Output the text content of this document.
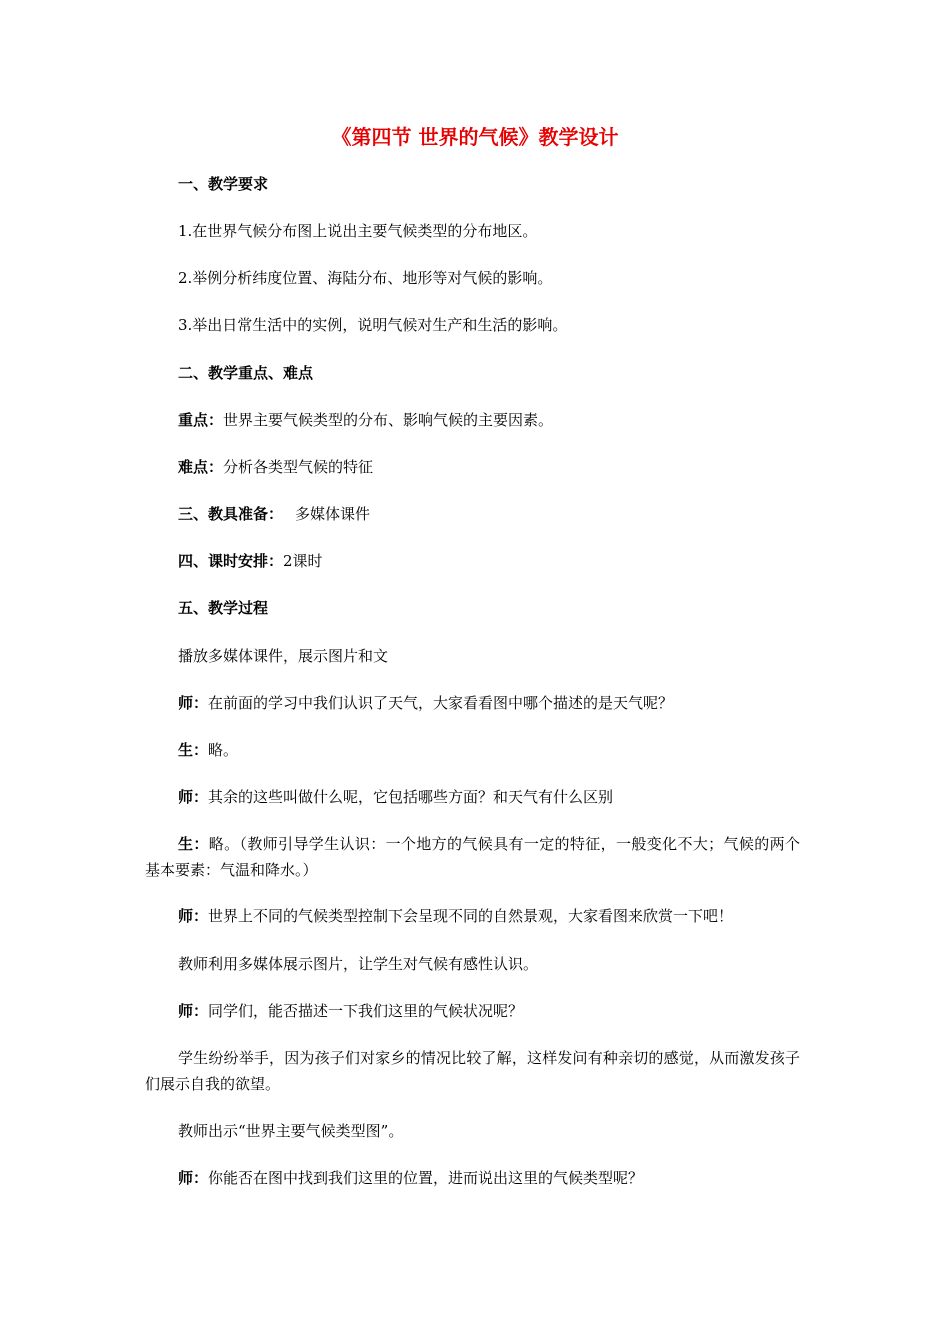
《第四节 世界的气候》教学设计
一、教学要求
1.在世界气候分布图上说出主要气候类型的分布地区。
2.举例分析纬度位置、海陆分布、地形等对气候的影响。
3.举出日常生活中的实例，说明气候对生产和生活的影响。
二、教学重点、难点
重点：世界主要气候类型的分布、影响气候的主要因素。
难点：分析各类型气候的特征
三、教具准备： 多媒体课件
四、课时安排：2课时
五、教学过程
播放多媒体课件，展示图片和文
师：在前面的学习中我们认识了天气，大家看看图中哪个描述的是天气呢？
生：略。
师：其余的这些叫做什么呢，它包括哪些方面？和天气有什么区别
生：略。（教师引导学生认识：一个地方的气候具有一定的特征，一般变化不大；气候的两个基本要素：气温和降水。）
师：世界上不同的气候类型控制下会呈现不同的自然景观，大家看图来欣赏一下吧！
教师利用多媒体展示图片，让学生对气候有感性认识。
师：同学们，能否描述一下我们这里的气候状况呢？
学生纷纷举手，因为孩子们对家乡的情况比较了解，这样发问有种亲切的感觉，从而激发孩子们展示自我的欲望。
教师出示“世界主要气候类型图”。
师：你能否在图中找到我们这里的位置，进而说出这里的气候类型呢？
